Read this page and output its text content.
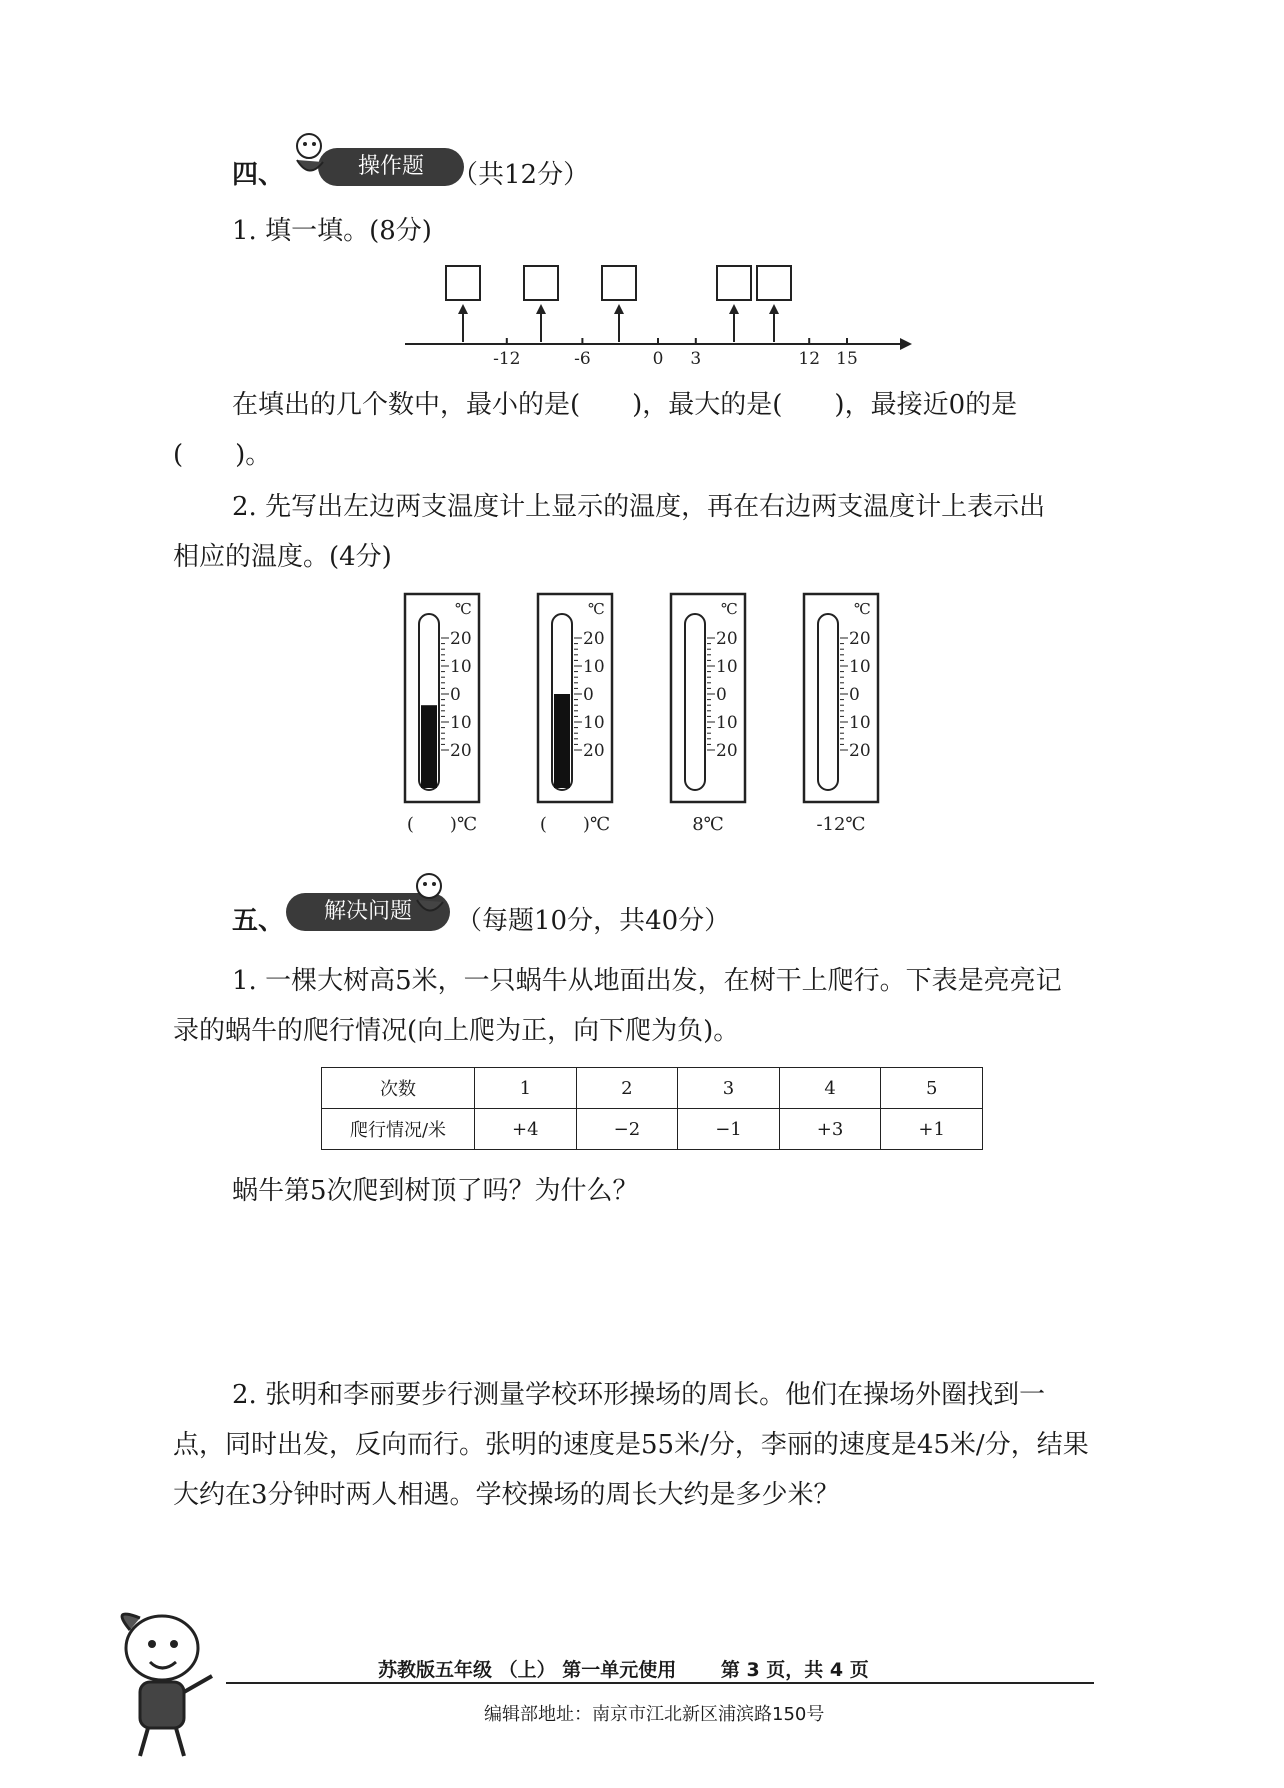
四、	操作题	（共12分）
1. 填一填。(8分)
-12	-6	0 3	12 15
在填出的几个数中，最小的是(　　)，最大的是(　　)，最接近0的是
(　　)。
2. 先写出左边两支温度计上显示的温度，再在右边两支温度计上表示出
相应的温度。(4分)
℃
20
10
0
10
20
(　　)℃
℃
20
10
0
10
20
(　　)℃
℃
20
10
0
10
20
8℃
℃
20
10
0
10
20
-12℃
五、	解决问题	（每题10分，共40分）
1. 一棵大树高5米，一只蜗牛从地面出发，在树干上爬行。下表是亮亮记
录的蜗牛的爬行情况(向上爬为正，向下爬为负)。
次数	1	2	3	4	5
爬行情况/米	+4	−2	−1	+3	+1
蜗牛第5次爬到树顶了吗？为什么？
2. 张明和李丽要步行测量学校环形操场的周长。他们在操场外圈找到一
点，同时出发，反向而行。张明的速度是55米/分，李丽的速度是45米/分，结果
大约在3分钟时两人相遇。学校操场的周长大约是多少米？
苏教版五年级 （上） 第一单元使用 　　第 3 页，共 4 页
编辑部地址：南京市江北新区浦滨路150号
